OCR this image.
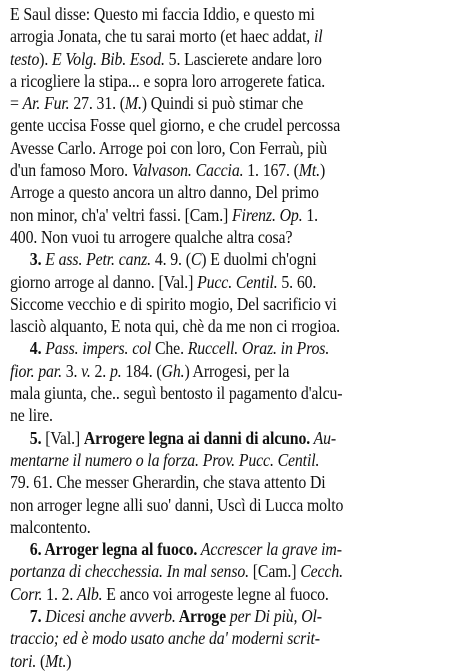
E Saul disse: Questo mi faccia Iddio, e questo mi
arrogia Jonata, che tu sarai morto (et haec addat, il
testo). E Volg. Bib. Esod. 5. Lascierete andare loro
a ricogliere la stipa... e sopra loro arrogerete fatica.
= Ar. Fur. 27. 31. (M.) Quindi si può stimar che
gente uccisa Fosse quel giorno, e che crudel percossa
Avesse Carlo. Arroge poi con loro, Con Ferraù, più
d'un famoso Moro. Valvason. Caccia. 1. 167. (Mt.)
Arroge a questo ancora un altro danno, Del primo
non minor, ch'a' veltri fassi. [Cam.] Firenz. Op. 1.
400. Non vuoi tu arrogere qualche altra cosa?
3. E ass. Petr. canz. 4. 9. (C) E duolmi ch'ogni
giorno arroge al danno. [Val.] Pucc. Centil. 5. 60.
Siccome vecchio e di spirito mogio, Del sacrificio vi
lasciò alquanto, E nota qui, chè da me non ci rrogioa.
4. Pass. impers. col Che. Ruccell. Oraz. in Pros.
fior. par. 3. v. 2. p. 184. (Gh.) Arrogesi, per la
mala giunta, che.. seguì bentosto il pagamento d'alcu-
ne lire.
5. [Val.] Arrogere legna ai danni di alcuno. Au-
mentarne il numero o la forza. Prov. Pucc. Centil.
79. 61. Che messer Gherardin, che stava attento Di
non arroger legne alli suo' danni, Uscì di Lucca molto
malcontento.
6. Arroger legna al fuoco. Accrescer la grave im-
portanza di checchessia. In mal senso. [Cam.] Cecch.
Corr. 1. 2. Alb. E anco voi arrogeste legne al fuoco.
7. Dicesi anche avverb. Arroge per Di più, Ol-
traccio; ed è modo usato anche da' moderni scrit-
tori. (Mt.)
